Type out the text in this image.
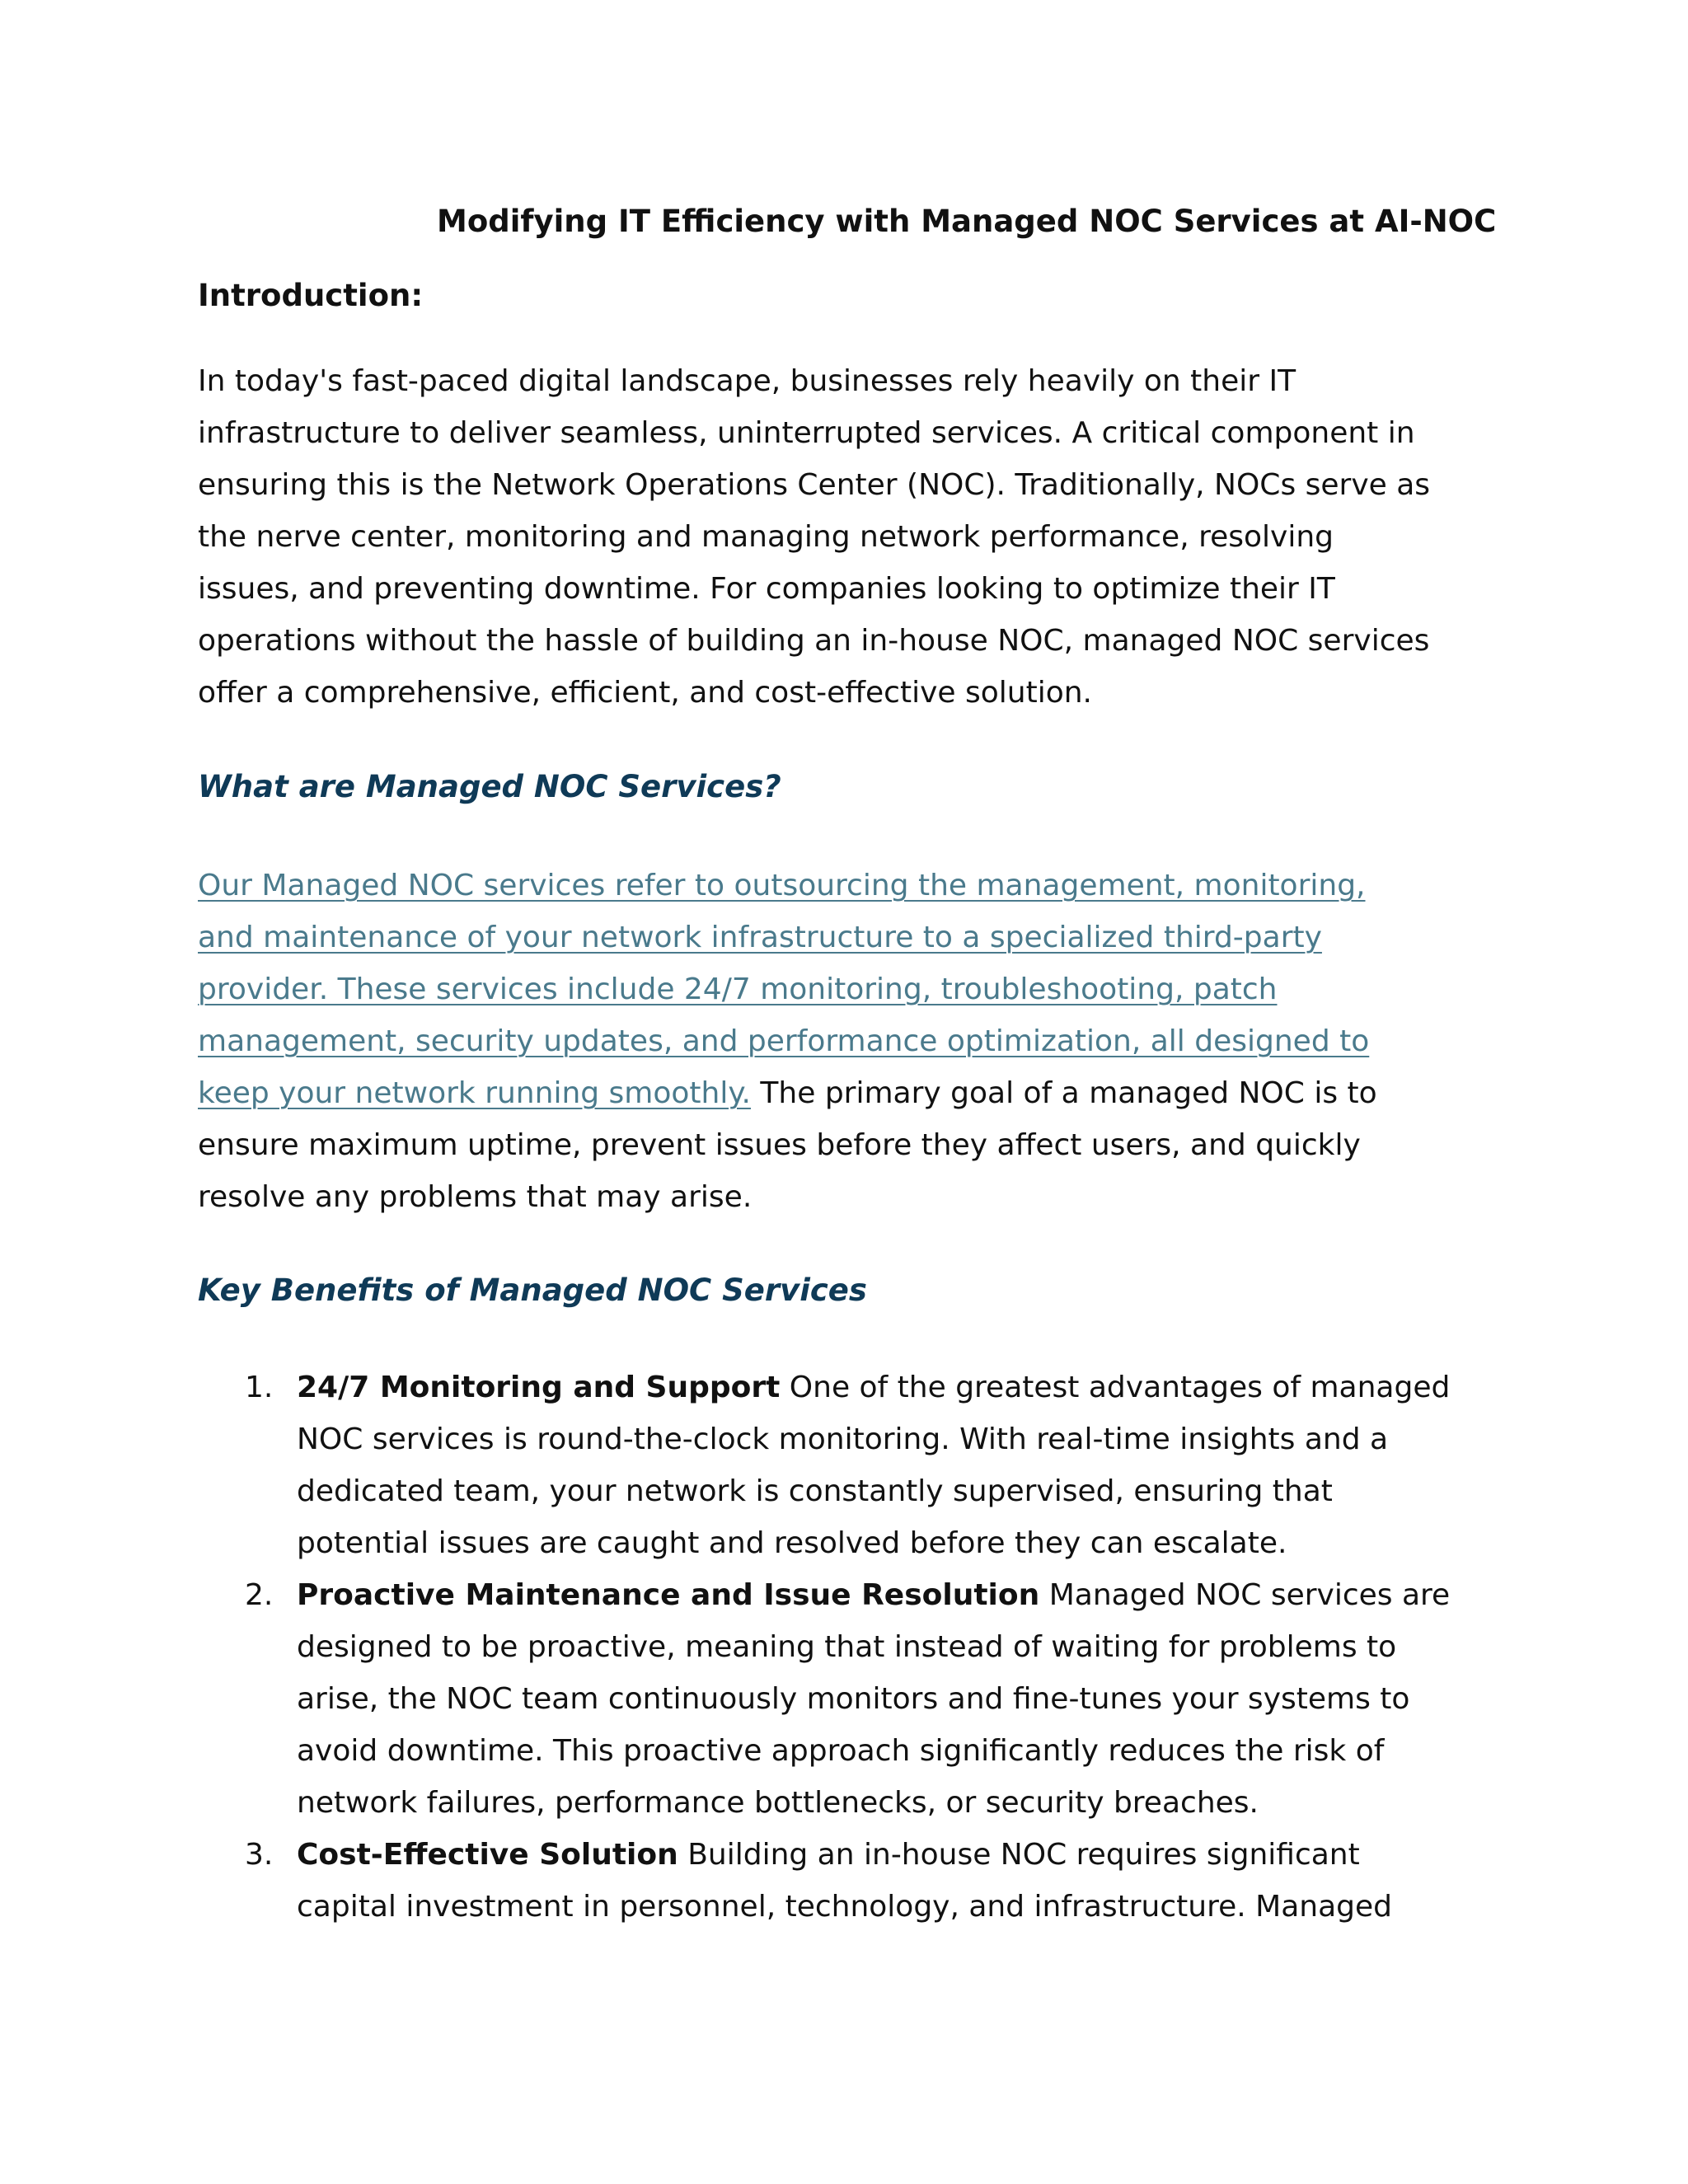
Modifying IT Efficiency with Managed NOC Services at AI-NOC
Introduction:

In today's fast-paced digital landscape, businesses rely heavily on their IT
infrastructure to deliver seamless, uninterrupted services. A critical component in
ensuring this is the Network Operations Center (NOC). Traditionally, NOCs serve as
the nerve center, monitoring and managing network performance, resolving
issues, and preventing downtime. For companies looking to optimize their IT
operations without the hassle of building an in-house NOC, managed NOC services
offer a comprehensive, efficient, and cost-effective solution.

What are Managed NOC Services?

Our Managed NOC services refer to outsourcing the management, monitoring,
and maintenance of your network infrastructure to a specialized third-party
provider. These services include 24/7 monitoring, troubleshooting, patch
management, security updates, and performance optimization, all designed to
keep your network running smoothly. The primary goal of a managed NOC is to
ensure maximum uptime, prevent issues before they affect users, and quickly
resolve any problems that may arise.

Key Benefits of Managed NOC Services
1. 24/7 Monitoring and Support One of the greatest advantages of managed
NOC services is round-the-clock monitoring. With real-time insights and a
dedicated team, your network is constantly supervised, ensuring that
potential issues are caught and resolved before they can escalate.
2. Proactive Maintenance and Issue Resolution Managed NOC services are
designed to be proactive, meaning that instead of waiting for problems to
arise, the NOC team continuously monitors and fine-tunes your systems to
avoid downtime. This proactive approach significantly reduces the risk of
network failures, performance bottlenecks, or security breaches.
3. Cost-Effective Solution Building an in-house NOC requires significant
capital investment in personnel, technology, and infrastructure. Managed
